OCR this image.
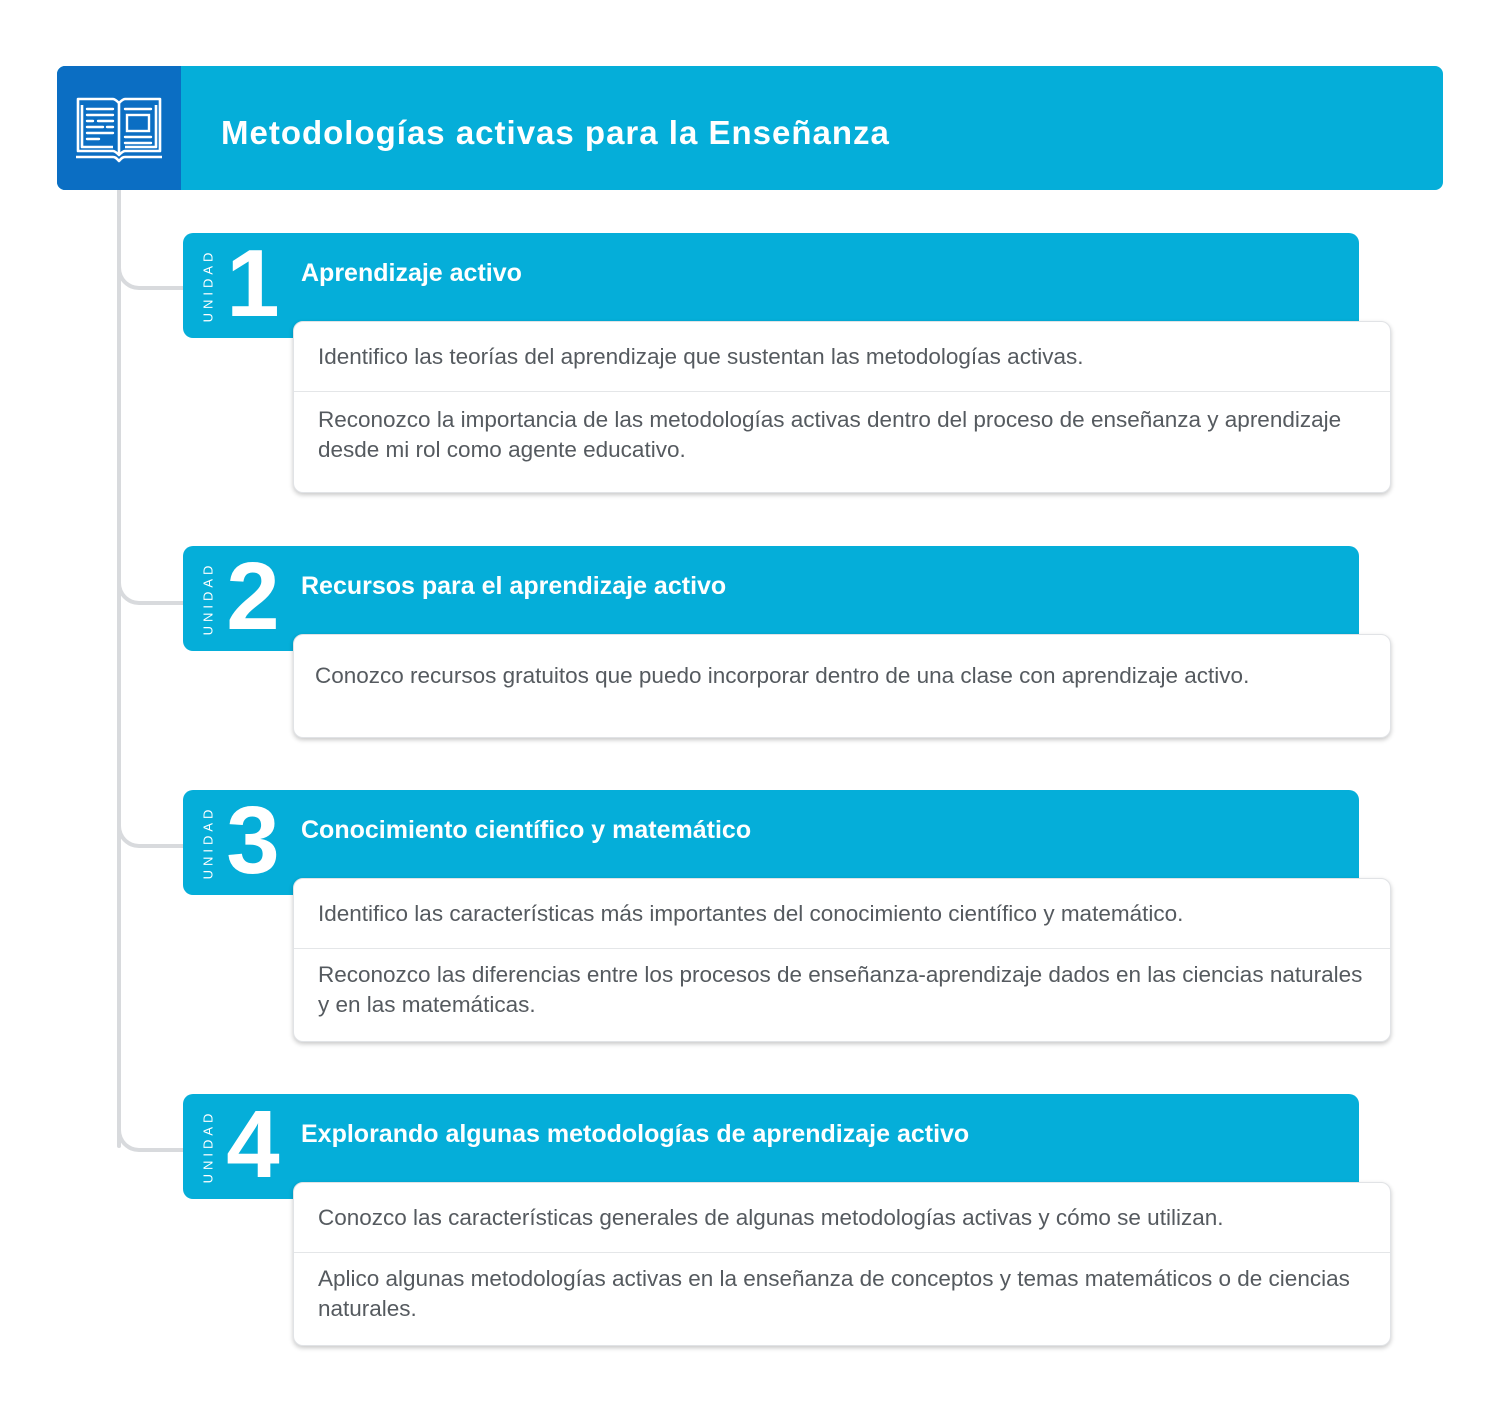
Metodologías activas para la Enseñanza
UNIDAD 1 Aprendizaje activo
Identifico las teorías del aprendizaje que sustentan las metodologías activas.
Reconozco la importancia de las metodologías activas dentro del proceso de enseñanza y aprendizaje desde mi rol como agente educativo.
UNIDAD 2 Recursos para el aprendizaje activo
Conozco recursos gratuitos que puedo incorporar dentro de una clase con aprendizaje activo.
UNIDAD 3 Conocimiento científico y matemático
Identifico las características más importantes del conocimiento científico y matemático.
Reconozco las diferencias entre los procesos de enseñanza-aprendizaje dados en las ciencias naturales y en las matemáticas.
UNIDAD 4 Explorando algunas metodologías de aprendizaje activo
Conozco las características generales de algunas metodologías activas y cómo se utilizan.
Aplico algunas metodologías activas en la enseñanza de conceptos y temas matemáticos o de ciencias naturales.
